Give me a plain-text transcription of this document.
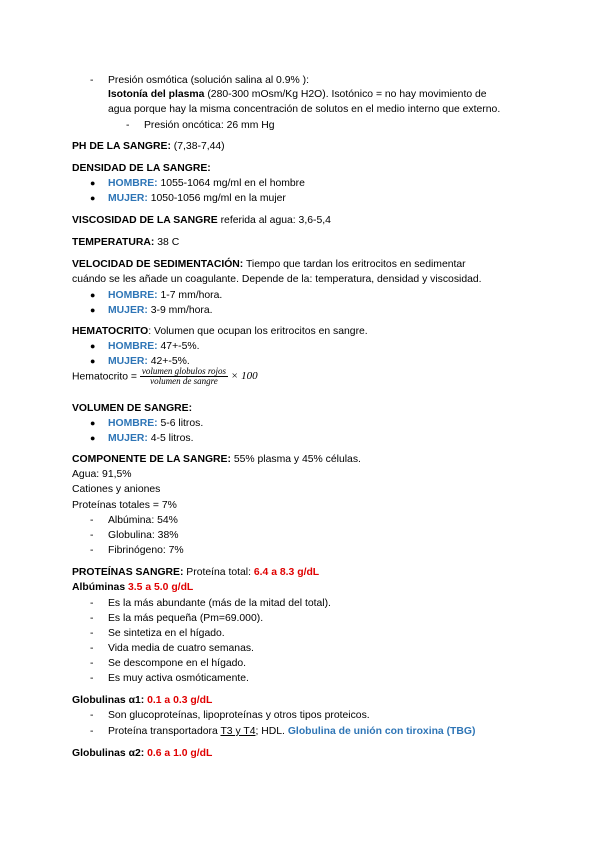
- Presión osmótica (solución salina al 0.9% ):
Isotonía del plasma (280-300 mOsm/Kg H2O). Isotónico = no hay movimiento de
agua porque hay la misma concentración de solutos en el medio interno que externo.
- Presión oncótica: 26 mm Hg
PH DE LA SANGRE: (7,38-7,44)
DENSIDAD DE LA SANGRE:
● HOMBRE: 1055-1064 mg/ml en el hombre
● MUJER: 1050-1056 mg/ml en la mujer
VISCOSIDAD DE LA SANGRE referida al agua: 3,6-5,4
TEMPERATURA: 38 C
VELOCIDAD DE SEDIMENTACIÓN: Tiempo que tardan los eritrocitos en sedimentar
cuándo se les añade un coagulante. Depende de la: temperatura, densidad y viscosidad.
● HOMBRE: 1-7 mm/hora.
● MUJER: 3-9 mm/hora.
HEMATOCRITO: Volumen que ocupan los eritrocitos en sangre.
● HOMBRE: 47+-5%.
● MUJER: 42+-5%.
Hematocrito = $\frac{\text{volumen globulos rojos}}{\text{volumen de sangre}} \times 100$
VOLUMEN DE SANGRE:
● HOMBRE: 5-6 litros.
● MUJER: 4-5 litros.
COMPONENTE DE LA SANGRE: 55% plasma y 45% células.
Agua: 91,5%
Cationes y aniones
Proteínas totales = 7%
- Albúmina: 54%
- Globulina: 38%
- Fibrinógeno: 7%
PROTEÍNAS SANGRE: Proteína total: 6.4 a 8.3 g/dL
Albúminas 3.5 a 5.0 g/dL
- Es la más abundante (más de la mitad del total).
- Es la más pequeña (Pm=69.000).
- Se sintetiza en el hígado.
- Vida media de cuatro semanas.
- Se descompone en el hígado.
- Es muy activa osmóticamente.
Globulinas α1: 0.1 a 0.3 g/dL
- Son glucoproteínas, lipoproteínas y otros tipos proteicos.
- Proteína transportadora T3 y T4; HDL. Globulina de unión con tiroxina (TBG)
Globulinas α2: 0.6 a 1.0 g/dL
